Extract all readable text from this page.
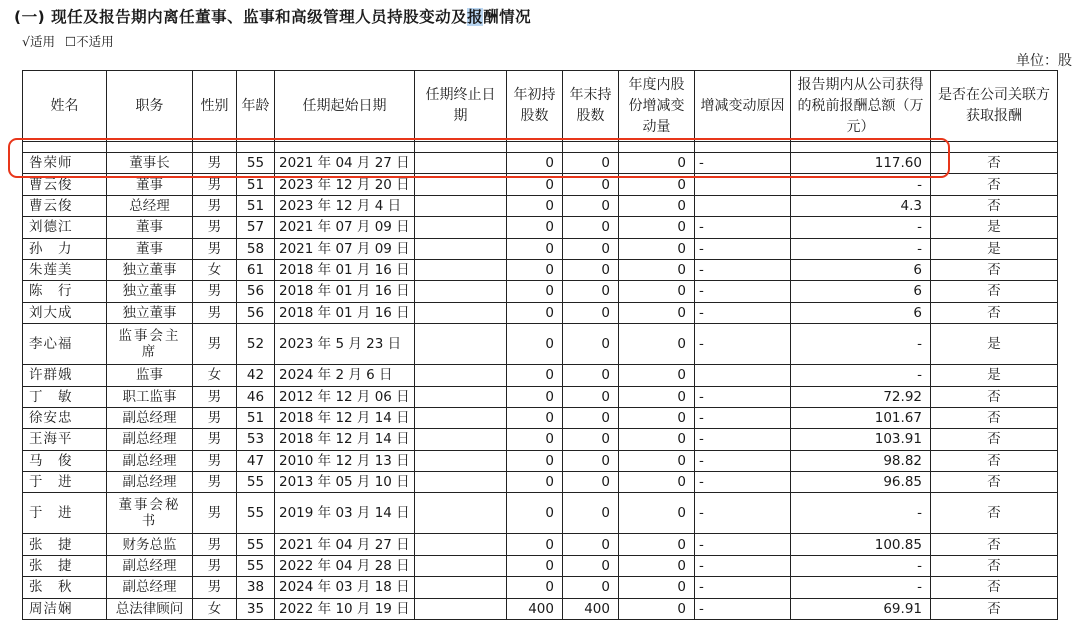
(一) 现任及报告期内离任董事、监事和高级管理人员持股变动及报酬情况
√适用 ☐不适用
单位：股
姓名	职务	性别	年龄	任期起始日期	任期终止日期	年初持股数	年末持股数	年度内股份增减变动量	增减变动原因	报告期内从公司获得的税前报酬总额（万元）	是否在公司关联方获取报酬

昝荣师	董事长	男	55	2021 年 04 月 27 日		0	0	0	-	117.60	否
曹云俊	董事	男	51	2023 年 12 月 20 日		0	0	0		-	否
曹云俊	总经理	男	51	2023 年 12 月 4 日		0	0	0		4.3	否
刘德江	董事	男	57	2021 年 07 月 09 日		0	0	0	-	-	是
孙　力	董事	男	58	2021 年 07 月 09 日		0	0	0	-	-	是
朱莲美	独立董事	女	61	2018 年 01 月 16 日		0	0	0	-	6	否
陈　行	独立董事	男	56	2018 年 01 月 16 日		0	0	0	-	6	否
刘大成	独立董事	男	56	2018 年 01 月 16 日		0	0	0	-	6	否
李心福	监事会主席	男	52	2023 年 5 月 23 日		0	0	0	-	-	是
许群娥	监事	女	42	2024 年 2 月 6 日		0	0	0		-	是
丁　敏	职工监事	男	46	2012 年 12 月 06 日		0	0	0	-	72.92	否
徐安忠	副总经理	男	51	2018 年 12 月 14 日		0	0	0	-	101.67	否
王海平	副总经理	男	53	2018 年 12 月 14 日		0	0	0	-	103.91	否
马　俊	副总经理	男	47	2010 年 12 月 13 日		0	0	0	-	98.82	否
于　进	副总经理	男	55	2013 年 05 月 10 日		0	0	0	-	96.85	否
于　进	董事会秘书	男	55	2019 年 03 月 14 日		0	0	0	-	-	否
张　捷	财务总监	男	55	2021 年 04 月 27 日		0	0	0	-	100.85	否
张　捷	副总经理	男	55	2022 年 04 月 28 日		0	0	0	-	-	否
张　秋	副总经理	男	38	2024 年 03 月 18 日		0	0	0	-	-	否
周洁娴	总法律顾问	女	35	2022 年 10 月 19 日		400	400	0	-	69.91	否
